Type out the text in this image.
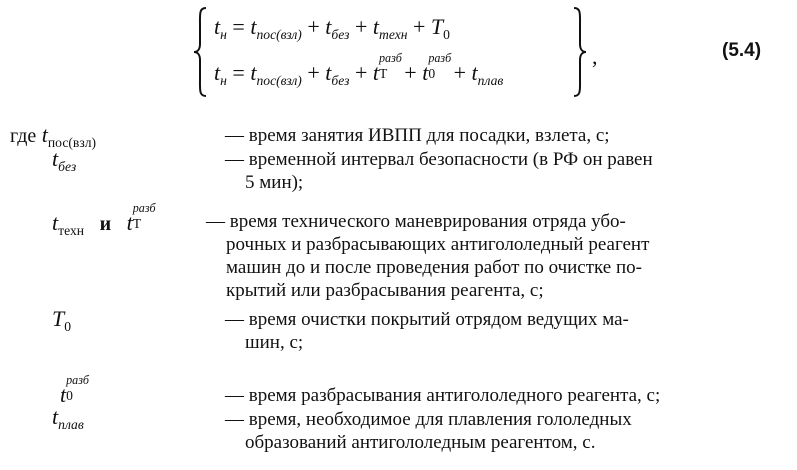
$t_н = t_{пос(взл)} + t_{без} + t_{техн} + T_0$
$t_н = t_{пос(взл)} + t_{без} + t$
разб
T + t
разб
$0 + t_{плав}$
,	(5.4)
где $t_{пос(взл)}$	— время занятия ИВПП для посадки, взлета, с;
$t_{без}$	— временной интервал безопасности (в РФ он равен
5 мин);
$t_{техн}$ и t
разб
T	— время технического маневрирования отряда убо-
рочных и разбрасывающих антигололедный реагент
машин до и после проведения работ по очистке по-
крытий или разбрасывания реагента, с;
$T_0$	— время очистки покрытий отрядом ведущих ма-
шин, с;
t
разб
0	— время разбрасывания антигололедного реагента, с;
$t_{плав}$	— время, необходимое для плавления гололедных
образований антигололедным реагентом, с.
